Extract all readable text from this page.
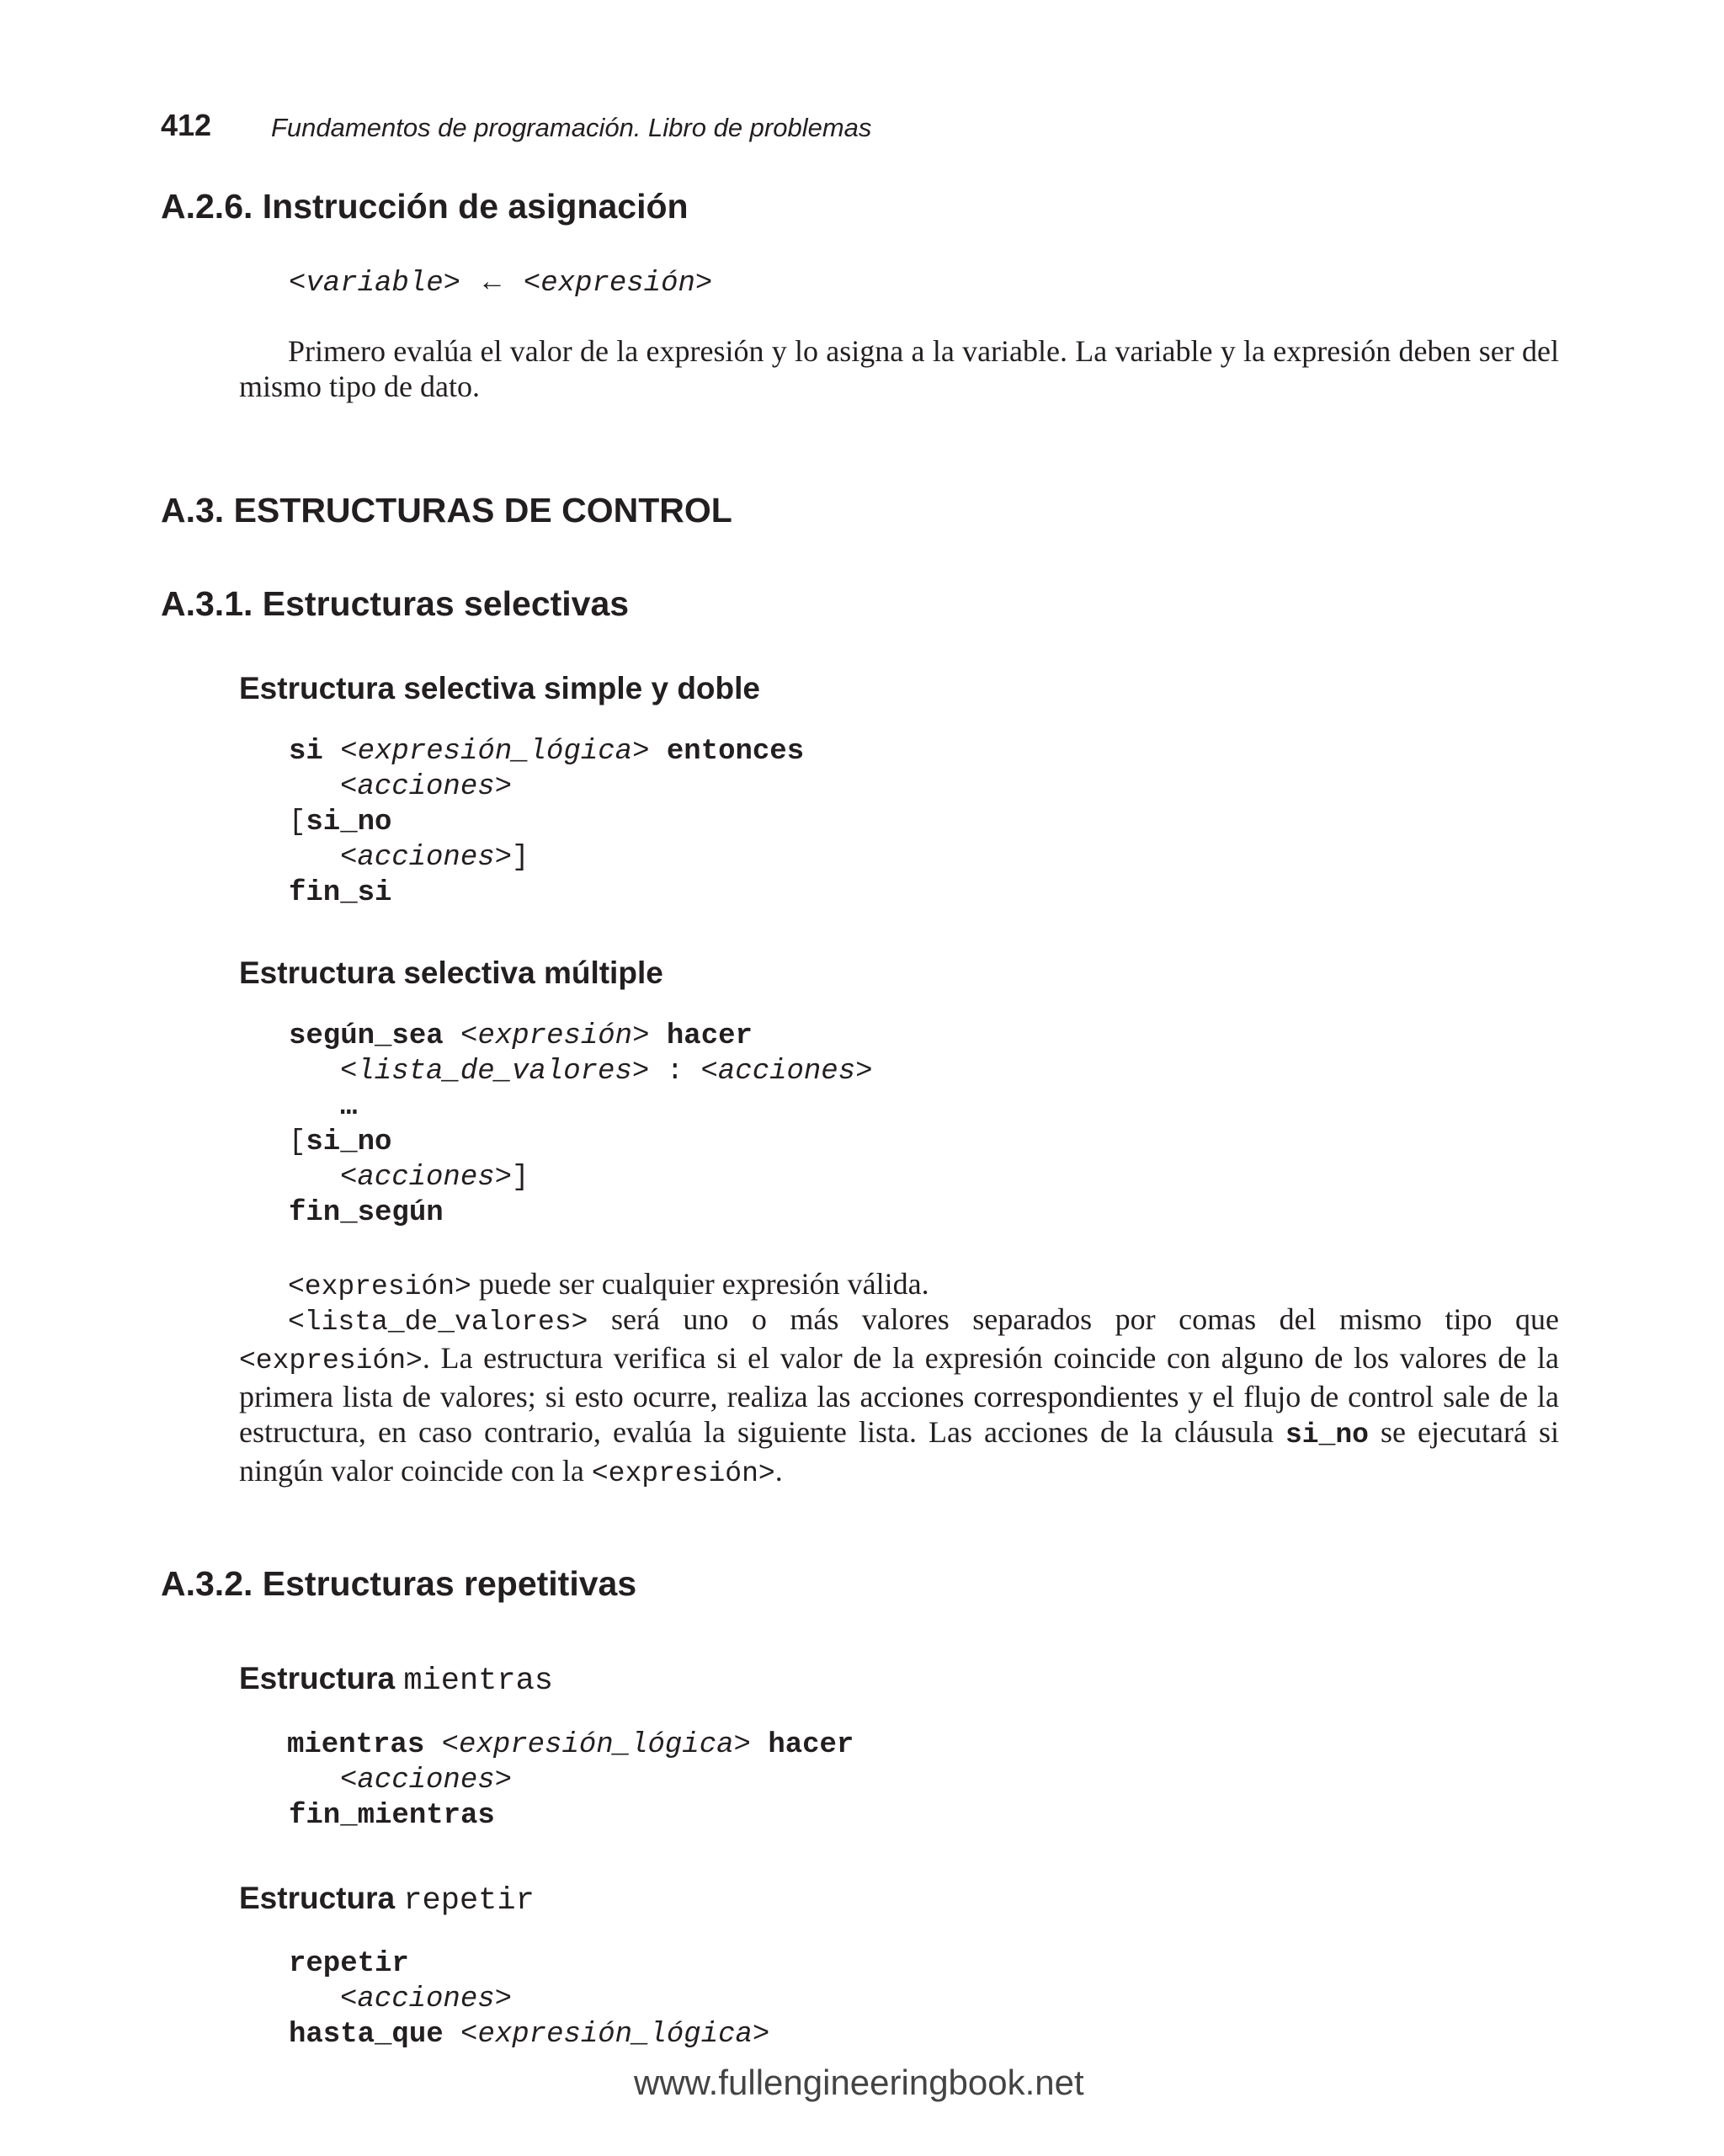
412 Fundamentos de programación. Libro de problemas
A.2.6. Instrucción de asignación
<variable> ← <expresión>

Primero evalúa el valor de la expresión y lo asigna a la variable. La variable y la expresión deben ser del mismo tipo de dato.

A.3. ESTRUCTURAS DE CONTROL
A.3.1. Estructuras selectivas
Estructura selectiva simple y doble
si <expresión_lógica> entonces
<acciones>
[si_no
<acciones>]
fin_si
Estructura selectiva múltiple
según_sea <expresión> hacer
<lista_de_valores> : <acciones>
…
[si_no
<acciones>]
fin_según

<expresión> puede ser cualquier expresión válida.

<lista_de_valores> será uno o más valores separados por comas del mismo tipo que <expresión>. La estructura verifica si el valor de la expresión coincide con alguno de los valores de la primera lista de valores; si esto ocurre, realiza las acciones correspondientes y el flujo de control sale de la estructura, en caso contrario, evalúa la siguiente lista. Las acciones de la cláusula si_no se ejecutará si ningún valor coincide con la <expresión>.

A.3.2. Estructuras repetitivas
Estructura mientras
mientras <expresión_lógica> hacer
<acciones>
fin_mientras
Estructura repetir
repetir
<acciones>
hasta_que <expresión_lógica>
www.fullengineeringbook.net
